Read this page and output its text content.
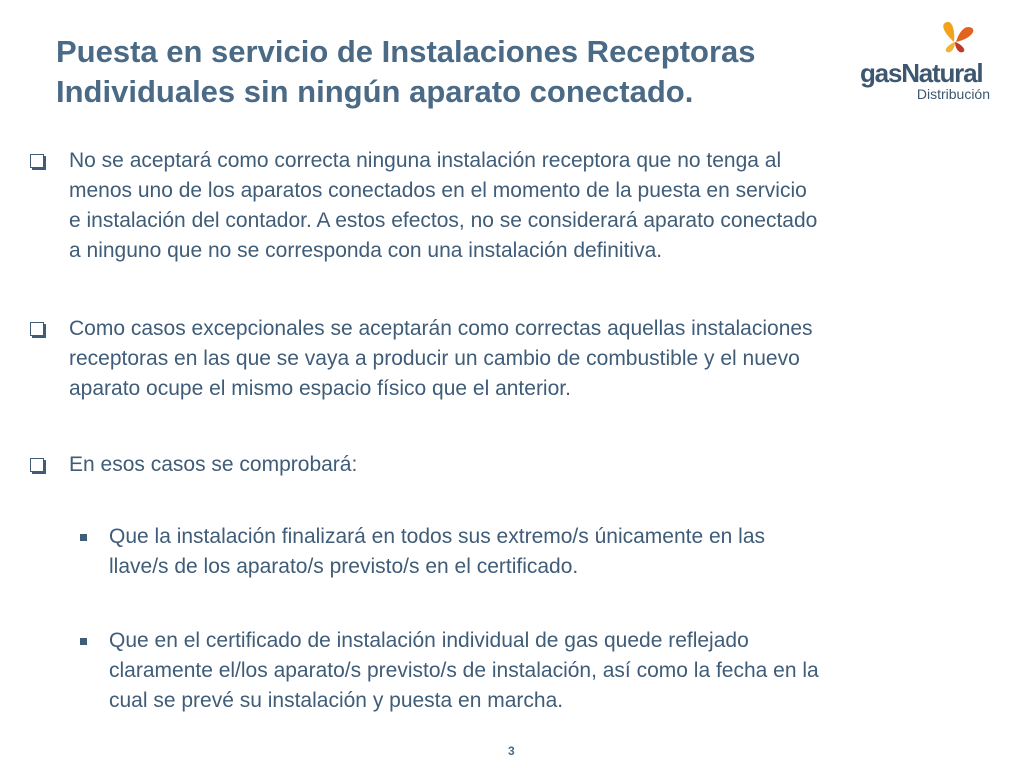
Puesta en servicio de Instalaciones Receptoras
Individuales sin ningún aparato conectado.
gasNatural
Distribución
No se aceptará como correcta ninguna instalación receptora que no tenga al
menos uno de los aparatos conectados en el momento de la puesta en servicio
e instalación del contador. A estos efectos, no se considerará aparato conectado
a ninguno que no se corresponda con una instalación definitiva.
Como casos excepcionales se aceptarán como correctas aquellas instalaciones
receptoras en las que se vaya a producir un cambio de combustible y el nuevo
aparato ocupe el mismo espacio físico que el anterior.
En esos casos se comprobará:
Que la instalación finalizará en todos sus extremo/s únicamente en las
llave/s de los aparato/s previsto/s en el certificado.
Que en el certificado de instalación individual de gas quede reflejado
claramente el/los aparato/s previsto/s de instalación, así como la fecha en la
cual se prevé su instalación y puesta en marcha.
3
